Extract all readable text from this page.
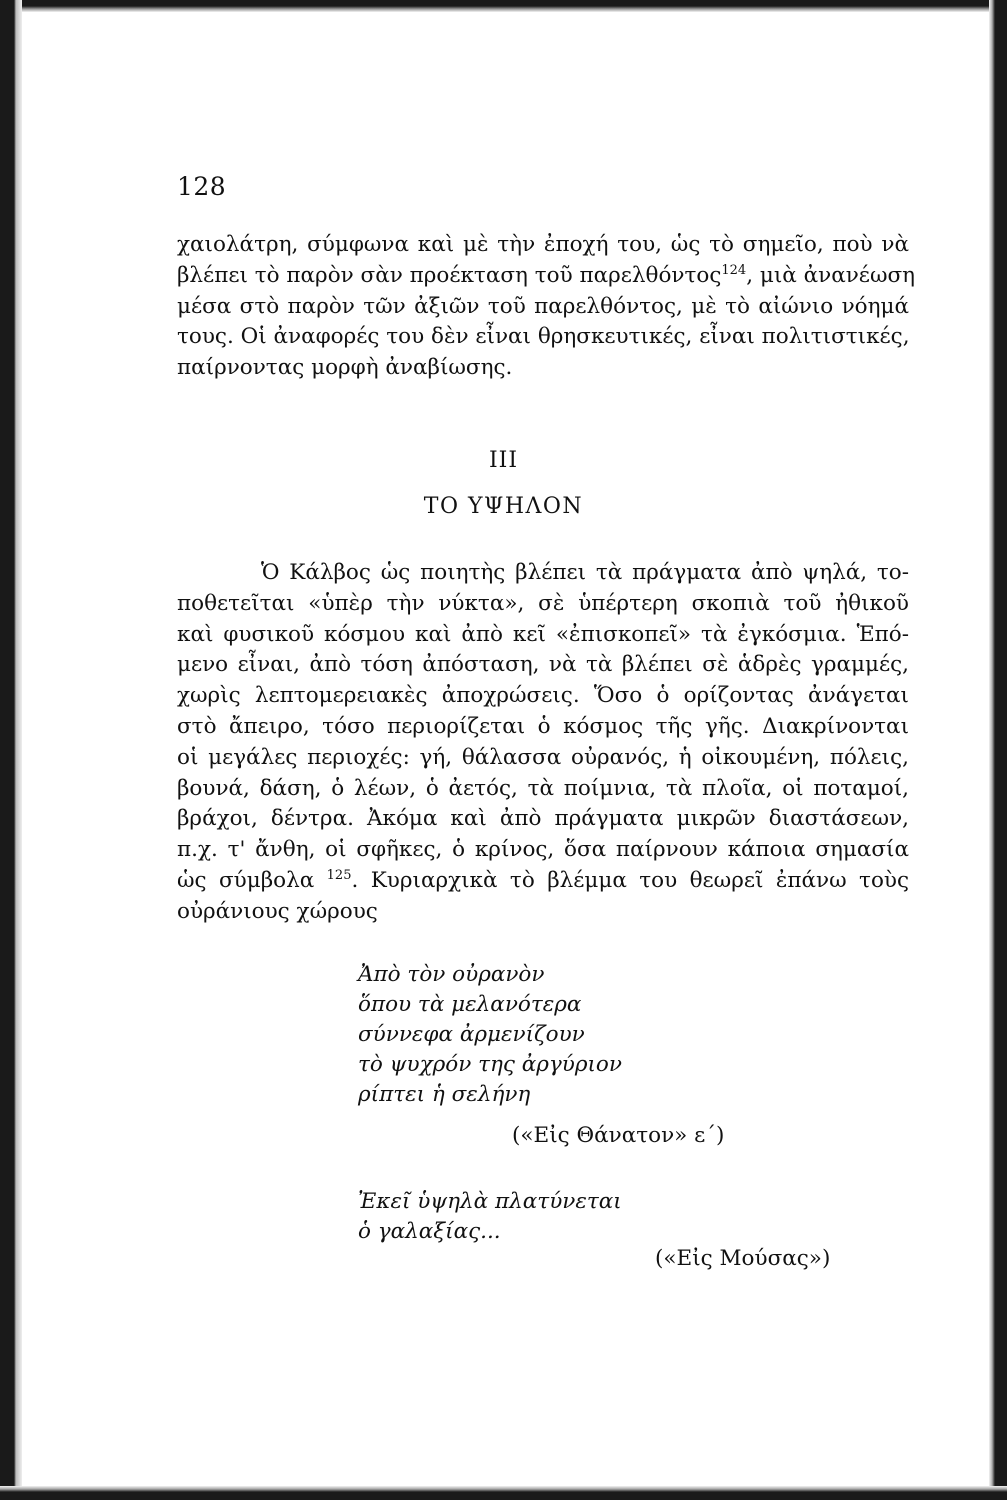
128
χαιολάτρη, σύμφωνα καὶ μὲ τὴν ἐποχή του, ὡς τὸ σημεῖο, ποὺ νὰ
βλέπει τὸ παρὸν σὰν προέκταση τοῦ παρελθόντος$^{124}$, μιὰ ἀνανέωση
μέσα στὸ παρὸν τῶν ἀξιῶν τοῦ παρελθόντος, μὲ τὸ αἰώνιο νόημά
τους. Οἱ ἀναφορές του δὲν εἶναι θρησκευτικές, εἶναι πολιτιστικές,
παίρνοντας μορφὴ ἀναβίωσης.
III
ΤΟ ΥΨΗΛΟΝ
Ὁ Κάλβος ὡς ποιητὴς βλέπει τὰ πράγματα ἀπὸ ψηλά, το-
ποθετεῖται «ὑπὲρ τὴν νύκτα», σὲ ὑπέρτερη σκοπιὰ τοῦ ἠθικοῦ
καὶ φυσικοῦ κόσμου καὶ ἀπὸ κεῖ «ἐπισκοπεῖ» τὰ ἐγκόσμια. Ἑπό-
μενο εἶναι, ἀπὸ τόση ἀπόσταση, νὰ τὰ βλέπει σὲ ἁδρὲς γραμμές,
χωρὶς λεπτομερειακὲς ἀποχρώσεις. Ὅσο ὁ ορίζοντας ἀνάγεται
στὸ ἄπειρο, τόσο περιορίζεται ὁ κόσμος τῆς γῆς. Διακρίνονται
οἱ μεγάλες περιοχές: γή, θάλασσα οὐρανός, ἡ οἰκουμένη, πόλεις,
βουνά, δάση, ὁ λέων, ὁ ἀετός, τὰ ποίμνια, τὰ πλοῖα, οἱ ποταμοί,
βράχοι, δέντρα. Ἀκόμα καὶ ἀπὸ πράγματα μικρῶν διαστάσεων,
π.χ. τ' ἄνθη, οἱ σφῆκες, ὁ κρίνος, ὅσα παίρνουν κάποια σημασία
ὡς σύμβολα $^{125}$. Κυριαρχικὰ τὸ βλέμμα του θεωρεῖ ἐπάνω τοὺς
οὐράνιους χώρους
Ἀπὸ τὸν οὐρανὸν
ὅπου τὰ μελανότερα
σύννεφα ἀρμενίζουν
τὸ ψυχρόν της ἀργύριον
ρίπτει ἡ σελήνη
(«Εἰς Θάνατον» ε΄)
Ἐκεῖ ὑψηλὰ πλατύνεται
ὁ γαλαξίας...
(«Εἰς Μούσας»)
